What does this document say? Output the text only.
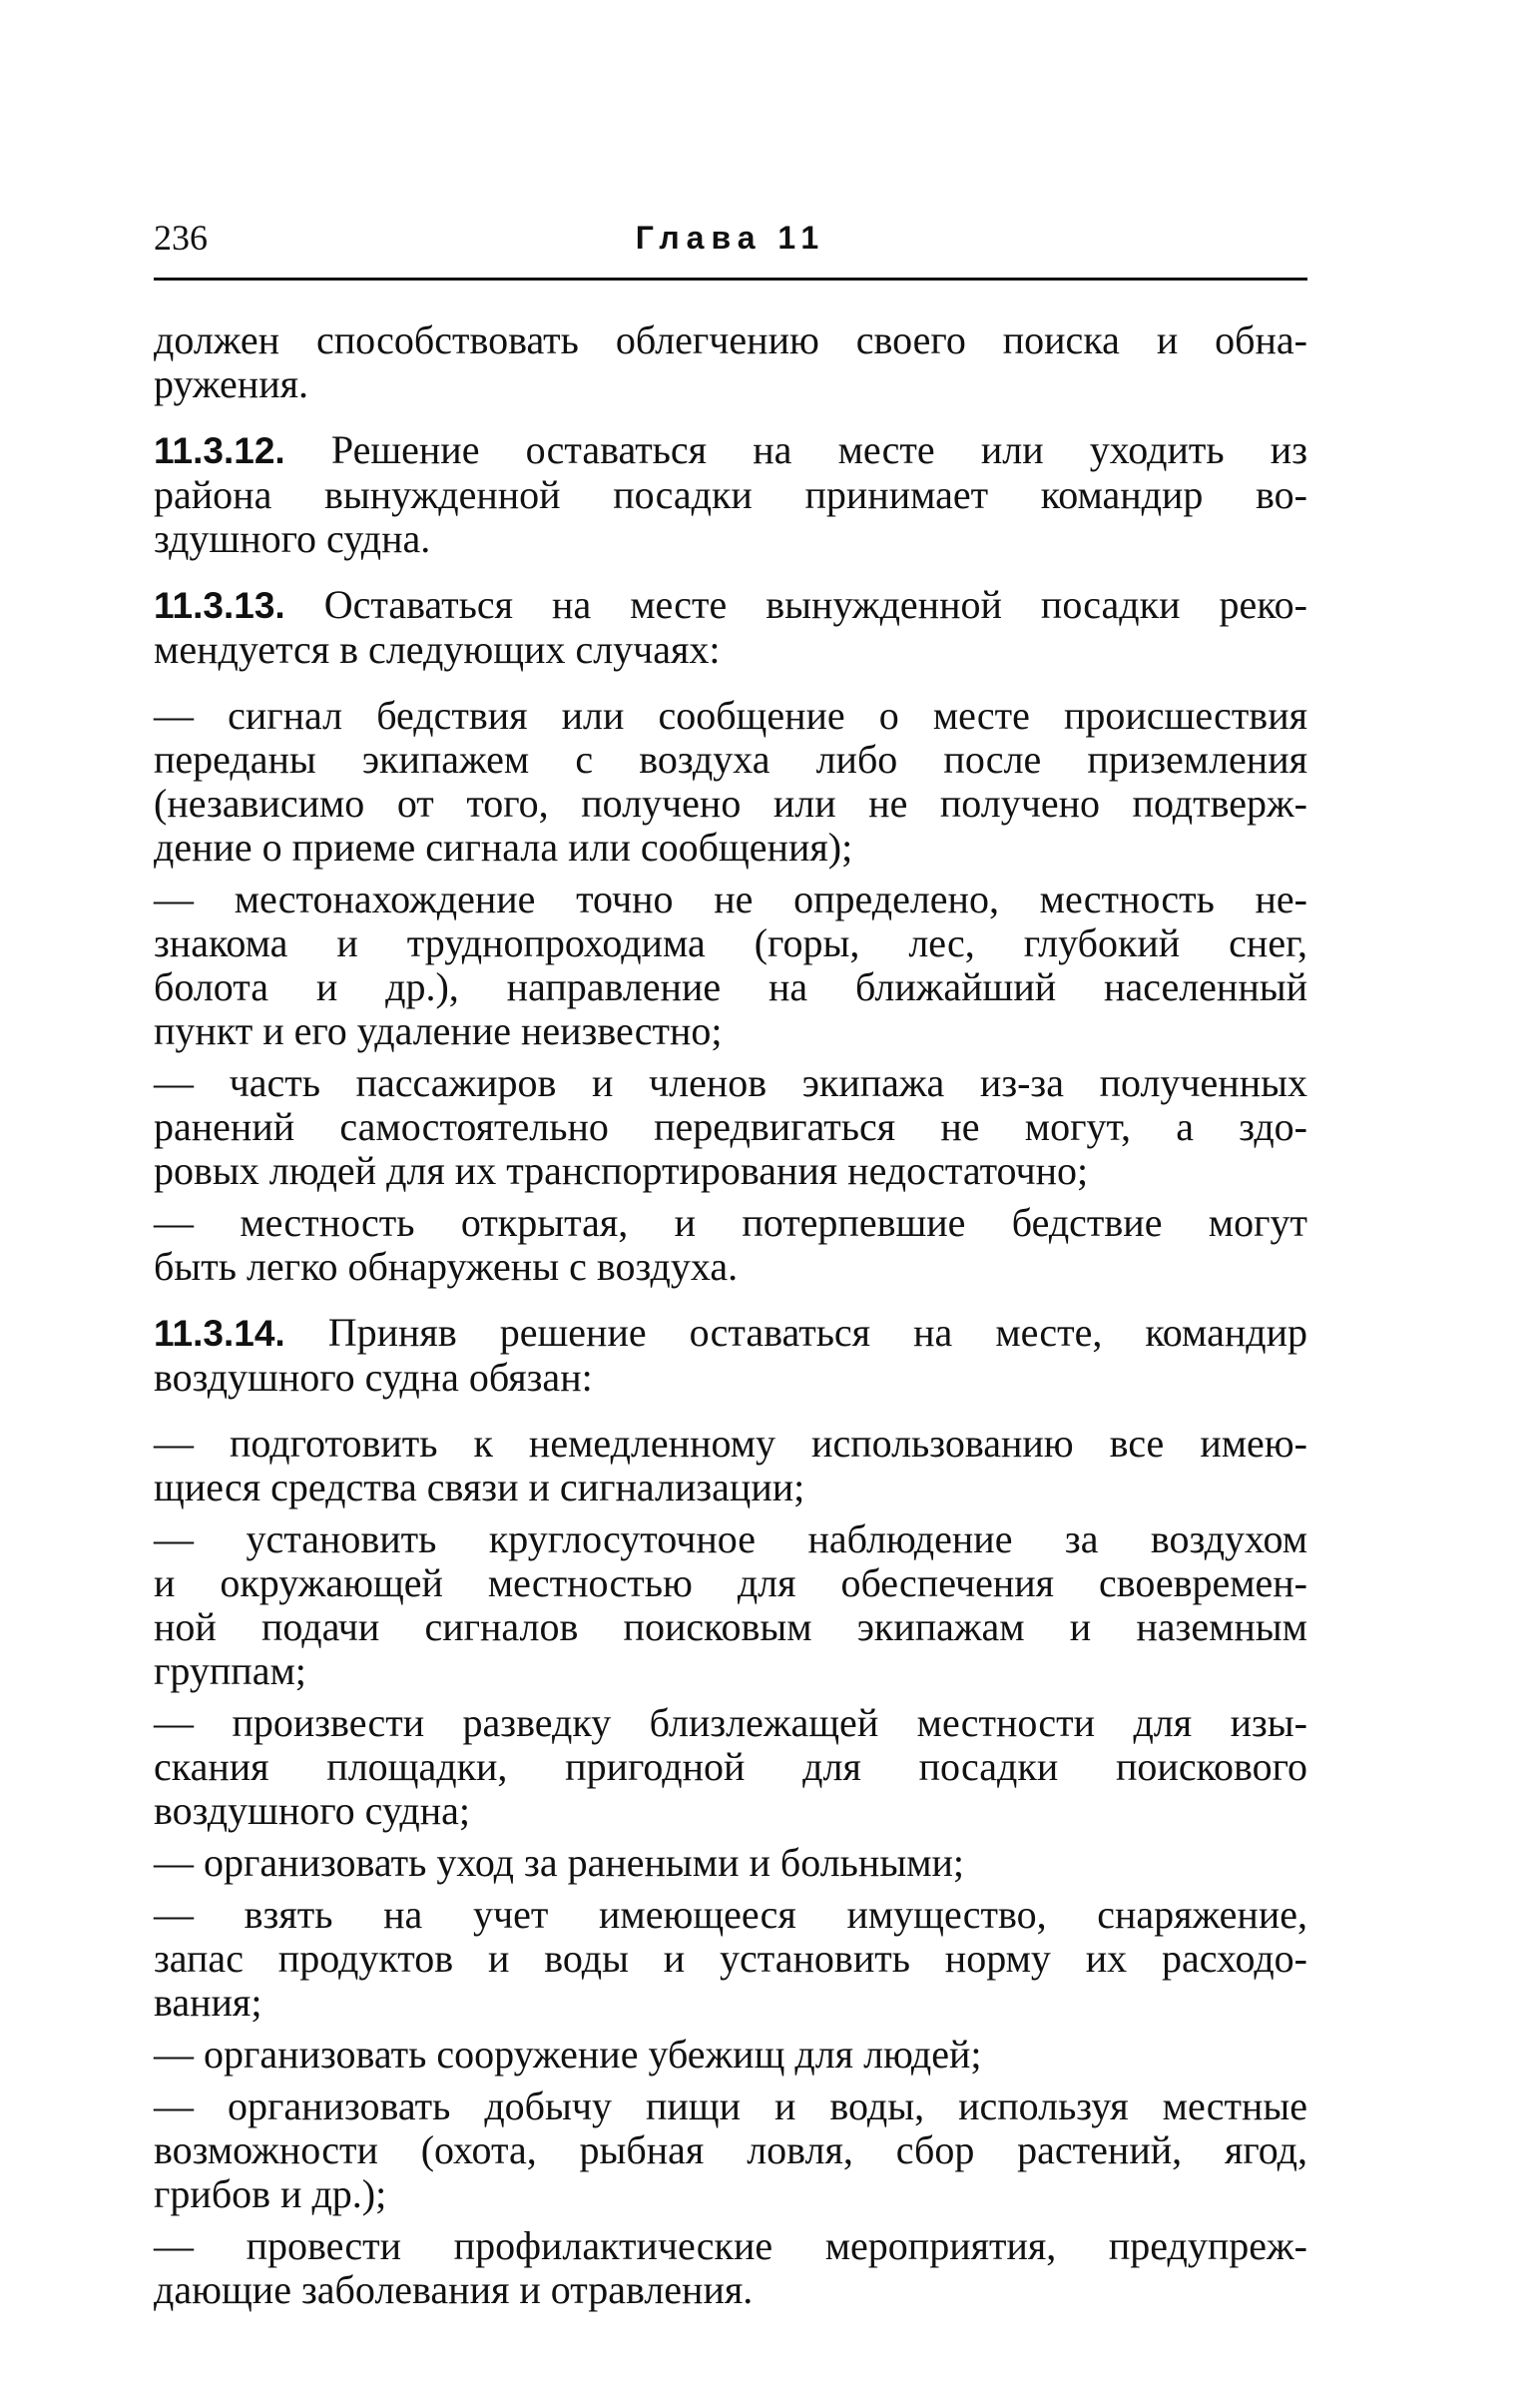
236	Глава 11
должен способствовать облегчению своего поиска и обна-
ружения.
11.3.12. Решение оставаться на месте или уходить из
района вынужденной посадки принимает командир во-
здушного судна.
11.3.13. Оставаться на месте вынужденной посадки реко-
мендуется в следующих случаях:
— сигнал бедствия или сообщение о месте происшествия
переданы экипажем с воздуха либо после приземления
(независимо от того, получено или не получено подтверж-
дение о приеме сигнала или сообщения);
— местонахождение точно не определено, местность не-
знакома и труднопроходима (горы, лес, глубокий снег,
болота и др.), направление на ближайший населенный
пункт и его удаление неизвестно;
— часть пассажиров и членов экипажа из-за полученных
ранений самостоятельно передвигаться не могут, а здо-
ровых людей для их транспортирования недостаточно;
— местность открытая, и потерпевшие бедствие могут
быть легко обнаружены с воздуха.
11.3.14. Приняв решение оставаться на месте, командир
воздушного судна обязан:
— подготовить к немедленному использованию все имею-
щиеся средства связи и сигнализации;
— установить круглосуточное наблюдение за воздухом
и окружающей местностью для обеспечения своевремен-
ной подачи сигналов поисковым экипажам и наземным
группам;
— произвести разведку близлежащей местности для изы-
скания площадки, пригодной для посадки поискового
воздушного судна;
— организовать уход за ранеными и больными;
— взять на учет имеющееся имущество, снаряжение,
запас продуктов и воды и установить норму их расходо-
вания;
— организовать сооружение убежищ для людей;
— организовать добычу пищи и воды, используя местные
возможности (охота, рыбная ловля, сбор растений, ягод,
грибов и др.);
— провести профилактические мероприятия, предупреж-
дающие заболевания и отравления.
